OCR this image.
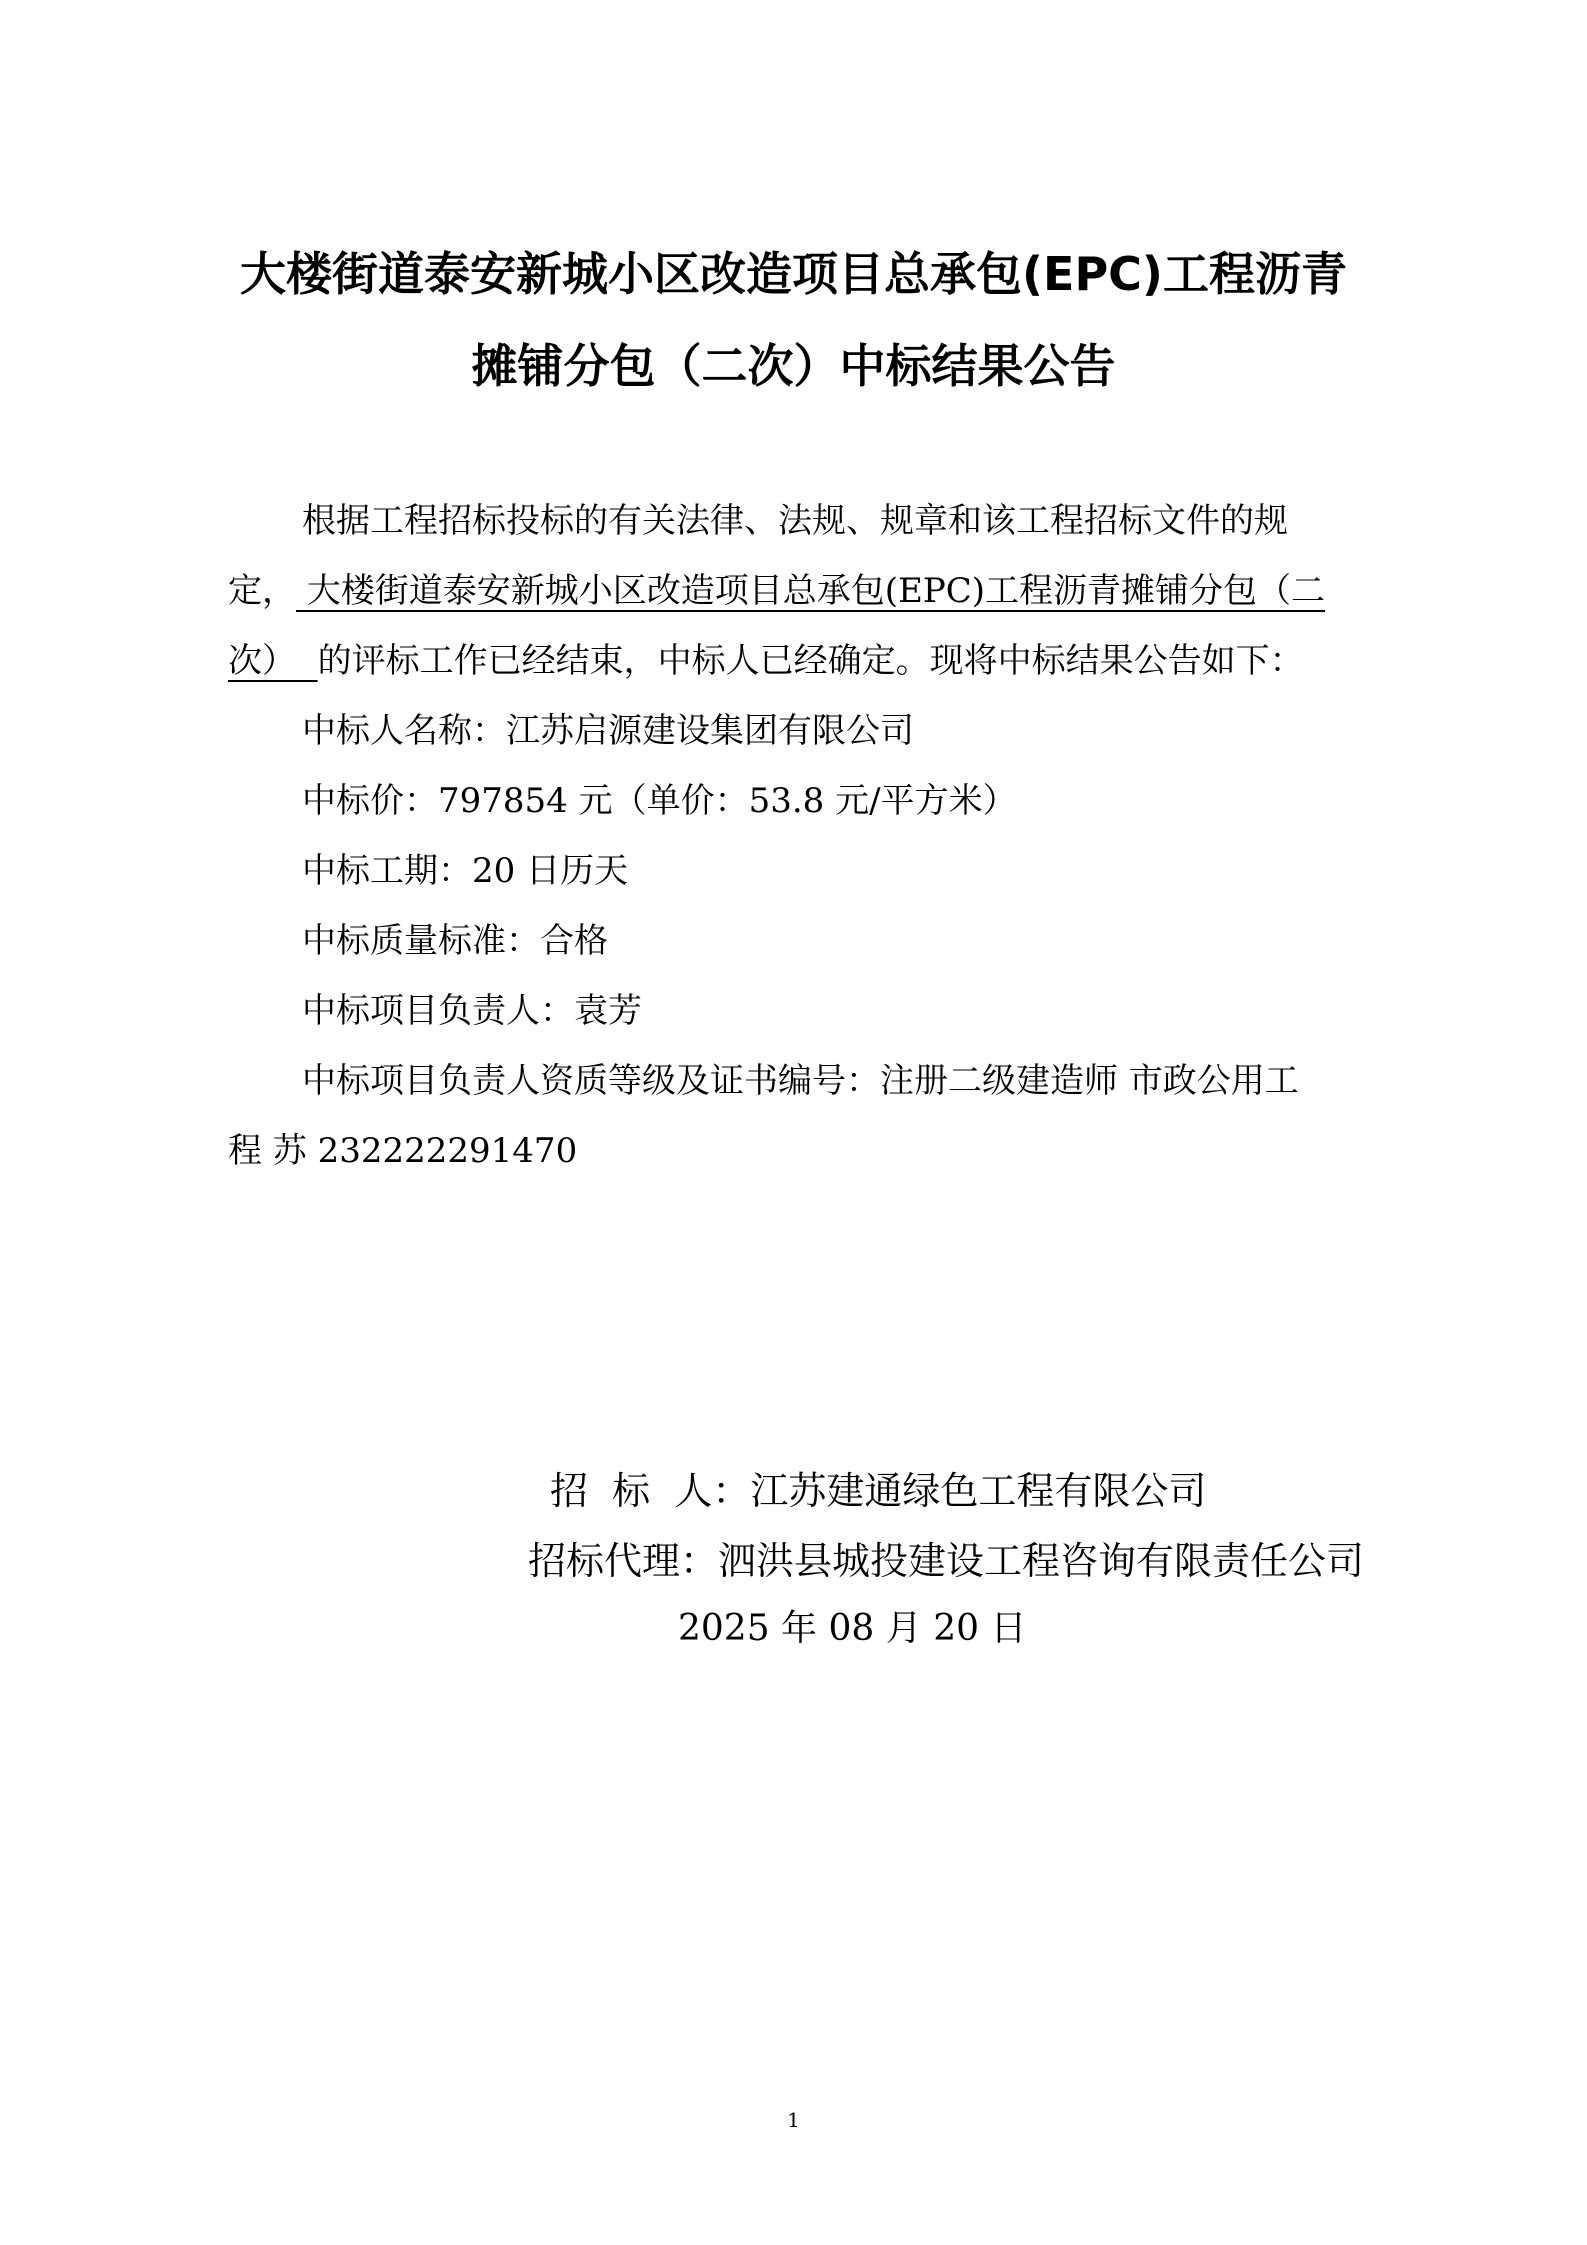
大楼街道泰安新城小区改造项目总承包(EPC)工程沥青
摊铺分包（二次）中标结果公告
根据工程招标投标的有关法律、法规、规章和该工程招标文件的规
定， 大楼街道泰安新城小区改造项目总承包(EPC)工程沥青摊铺分包（二
次）  的评标工作已经结束，中标人已经确定。现将中标结果公告如下：
中标人名称：江苏启源建设集团有限公司
中标价：797854 元（单价：53.8 元/平方米）
中标工期：20 日历天
中标质量标准：合格
中标项目负责人：袁芳
中标项目负责人资质等级及证书编号：注册二级建造师 市政公用工
程 苏 232222291470
招  标  人：江苏建通绿色工程有限公司
招标代理：泗洪县城投建设工程咨询有限责任公司
2025 年 08 月 20 日
1
